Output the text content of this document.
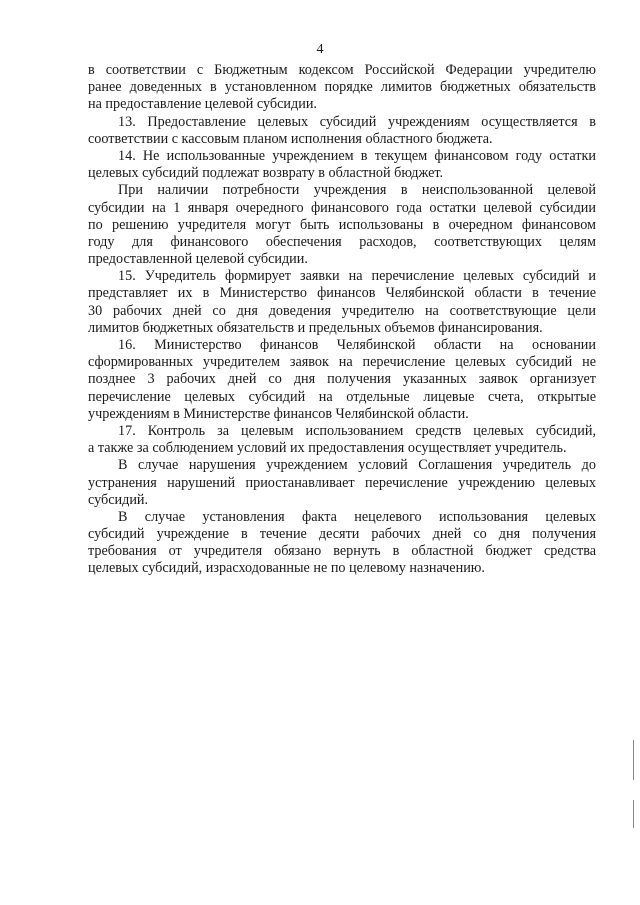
4
в соответствии с Бюджетным кодексом Российской Федерации учредителю
ранее доведенных в установленном порядке лимитов бюджетных обязательств
на предоставление целевой субсидии.
13. Предоставление целевых субсидий учреждениям осуществляется в
соответствии с кассовым планом исполнения областного бюджета.
14. Не использованные учреждением в текущем финансовом году остатки
целевых субсидий подлежат возврату в областной бюджет.
При наличии потребности учреждения в неиспользованной целевой
субсидии на 1 января очередного финансового года остатки целевой субсидии
по решению учредителя могут быть использованы в очередном финансовом
году для финансового обеспечения расходов, соответствующих целям
предоставленной целевой субсидии.
15. Учредитель формирует заявки на перечисление целевых субсидий и
представляет их в Министерство финансов Челябинской области в течение
30 рабочих дней со дня доведения учредителю на соответствующие цели
лимитов бюджетных обязательств и предельных объемов финансирования.
16. Министерство финансов Челябинской области на основании
сформированных учредителем заявок на перечисление целевых субсидий не
позднее 3 рабочих дней со дня получения указанных заявок организует
перечисление целевых субсидий на отдельные лицевые счета, открытые
учреждениям в Министерстве финансов Челябинской области.
17. Контроль за целевым использованием средств целевых субсидий,
а также за соблюдением условий их предоставления осуществляет учредитель.
В случае нарушения учреждением условий Соглашения учредитель до
устранения нарушений приостанавливает перечисление учреждению целевых
субсидий.
В случае установления факта нецелевого использования целевых
субсидий учреждение в течение десяти рабочих дней со дня получения
требования от учредителя обязано вернуть в областной бюджет средства
целевых субсидий, израсходованные не по целевому назначению.
